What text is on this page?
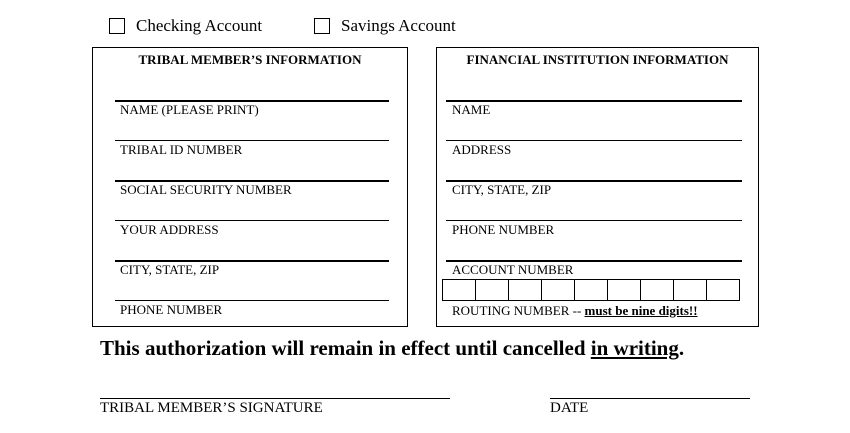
Checking Account	Savings Account
TRIBAL MEMBER’S INFORMATION
NAME (PLEASE PRINT)
TRIBAL ID NUMBER
SOCIAL SECURITY NUMBER
YOUR ADDRESS
CITY, STATE, ZIP
PHONE NUMBER
FINANCIAL INSTITUTION INFORMATION
NAME
ADDRESS
CITY, STATE, ZIP
PHONE NUMBER
ACCOUNT NUMBER
ROUTING NUMBER -- must be nine digits!!
This authorization will remain in effect until cancelled in writing.
TRIBAL MEMBER’S SIGNATURE	DATE
